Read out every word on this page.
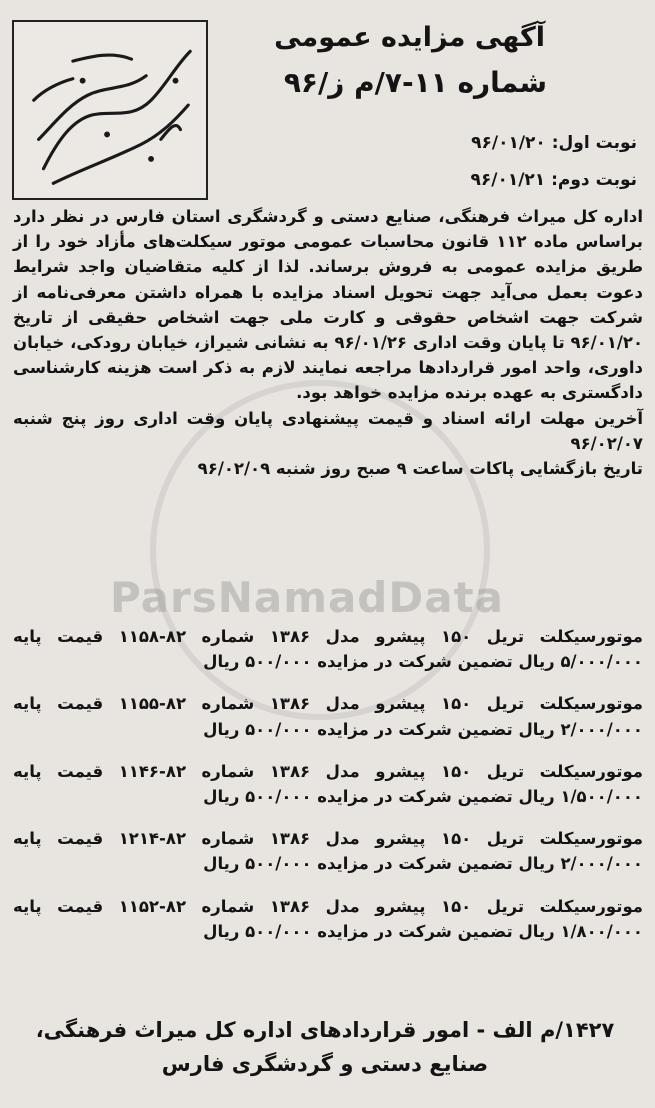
ParsNamadData
آگهی مزایده عمومی
شماره ۱۱-۷/م ز/۹۶
نوبت اول: ۹۶/۰۱/۲۰
نوبت دوم: ۹۶/۰۱/۲۱

اداره کل میراث فرهنگی، صنایع دستی و گردشگری استان فارس در نظر دارد براساس ماده ۱۱۲ قانون محاسبات عمومی موتور سیکلت‌های مأزاد خود را از طریق مزایده عمومی به فروش برساند. لذا از کلیه متقاضیان واجد شرایط دعوت بعمل می‌آید جهت تحویل اسناد مزایده با همراه داشتن معرفی‌نامه از شرکت جهت اشخاص حقوقی و کارت ملی جهت اشخاص حقیقی از تاریخ ۹۶/۰۱/۲۰ تا پایان وقت اداری ۹۶/۰۱/۲۶ به نشانی شیراز، خیابان رودکی، خیابان داوری، واحد امور قراردادها مراجعه نمایند لازم به ذکر است هزینه کارشناسی دادگستری به عهده برنده مزایده خواهد بود.

آخرین مهلت ارائه اسناد و قیمت پیشنهادی پایان وقت اداری روز پنج شنبه ۹۶/۰۲/۰۷

تاریخ بازگشایی پاکات ساعت ۹ صبح روز شنبه ۹۶/۰۲/۰۹

موتورسیکلت تریل ۱۵۰ پیشرو مدل ۱۳۸۶ شماره ۸۲-۱۱۵۸ قیمت پایه ۵/۰۰۰/۰۰۰ ریال تضمین شرکت در مزایده ۵۰۰/۰۰۰ ریال
موتورسیکلت تریل ۱۵۰ پیشرو مدل ۱۳۸۶ شماره ۸۲-۱۱۵۵ قیمت پایه ۲/۰۰۰/۰۰۰ ریال تضمین شرکت در مزایده ۵۰۰/۰۰۰ ریال
موتورسیکلت تریل ۱۵۰ پیشرو مدل ۱۳۸۶ شماره ۸۲-۱۱۴۶ قیمت پایه ۱/۵۰۰/۰۰۰ ریال تضمین شرکت در مزایده ۵۰۰/۰۰۰ ریال
موتورسیکلت تریل ۱۵۰ پیشرو مدل ۱۳۸۶ شماره ۸۲-۱۲۱۴ قیمت پایه ۲/۰۰۰/۰۰۰ ریال تضمین شرکت در مزایده ۵۰۰/۰۰۰ ریال
موتورسیکلت تریل ۱۵۰ پیشرو مدل ۱۳۸۶ شماره ۸۲-۱۱۵۲ قیمت پایه ۱/۸۰۰/۰۰۰ ریال تضمین شرکت در مزایده ۵۰۰/۰۰۰ ریال
۱۴۲۷/م الف - امور قراردادهای اداره کل میراث فرهنگی، صنایع دستی و گردشگری فارس
